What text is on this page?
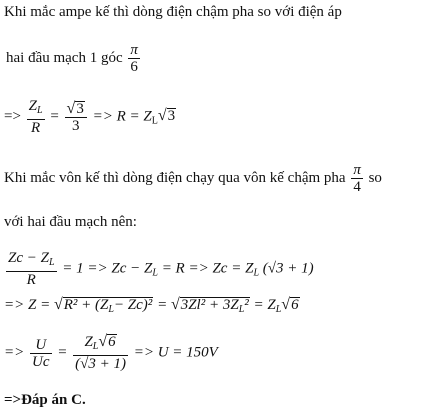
Khi mắc ampe kế thì dòng điện chậm pha so với điện áp
hai đầu mạch 1 góc $\frac{\pi}{6}$
=> $\frac{Z_L}{R} = \frac{√3}{3} => R = Z_L√3$
Khi mắc vôn kế thì dòng điện chạy qua vôn kế chậm pha $\frac{\pi}{4}$ so
với hai đầu mạch nên:
$\frac{Zc - Z_L}{R} = 1 => Zc - Z_L = R => Zc = Z_L$ (√3 + 1)
=> $Z = √R^2 + (Z_L- Zc)^2 = √3Zl^2 + 3Z_L^2 = Z_L√6$
=> $\frac{U}{Uc} = \frac{Z_L√6}{(√3 + 1)} => U = 150V$
=>Đáp án C.
